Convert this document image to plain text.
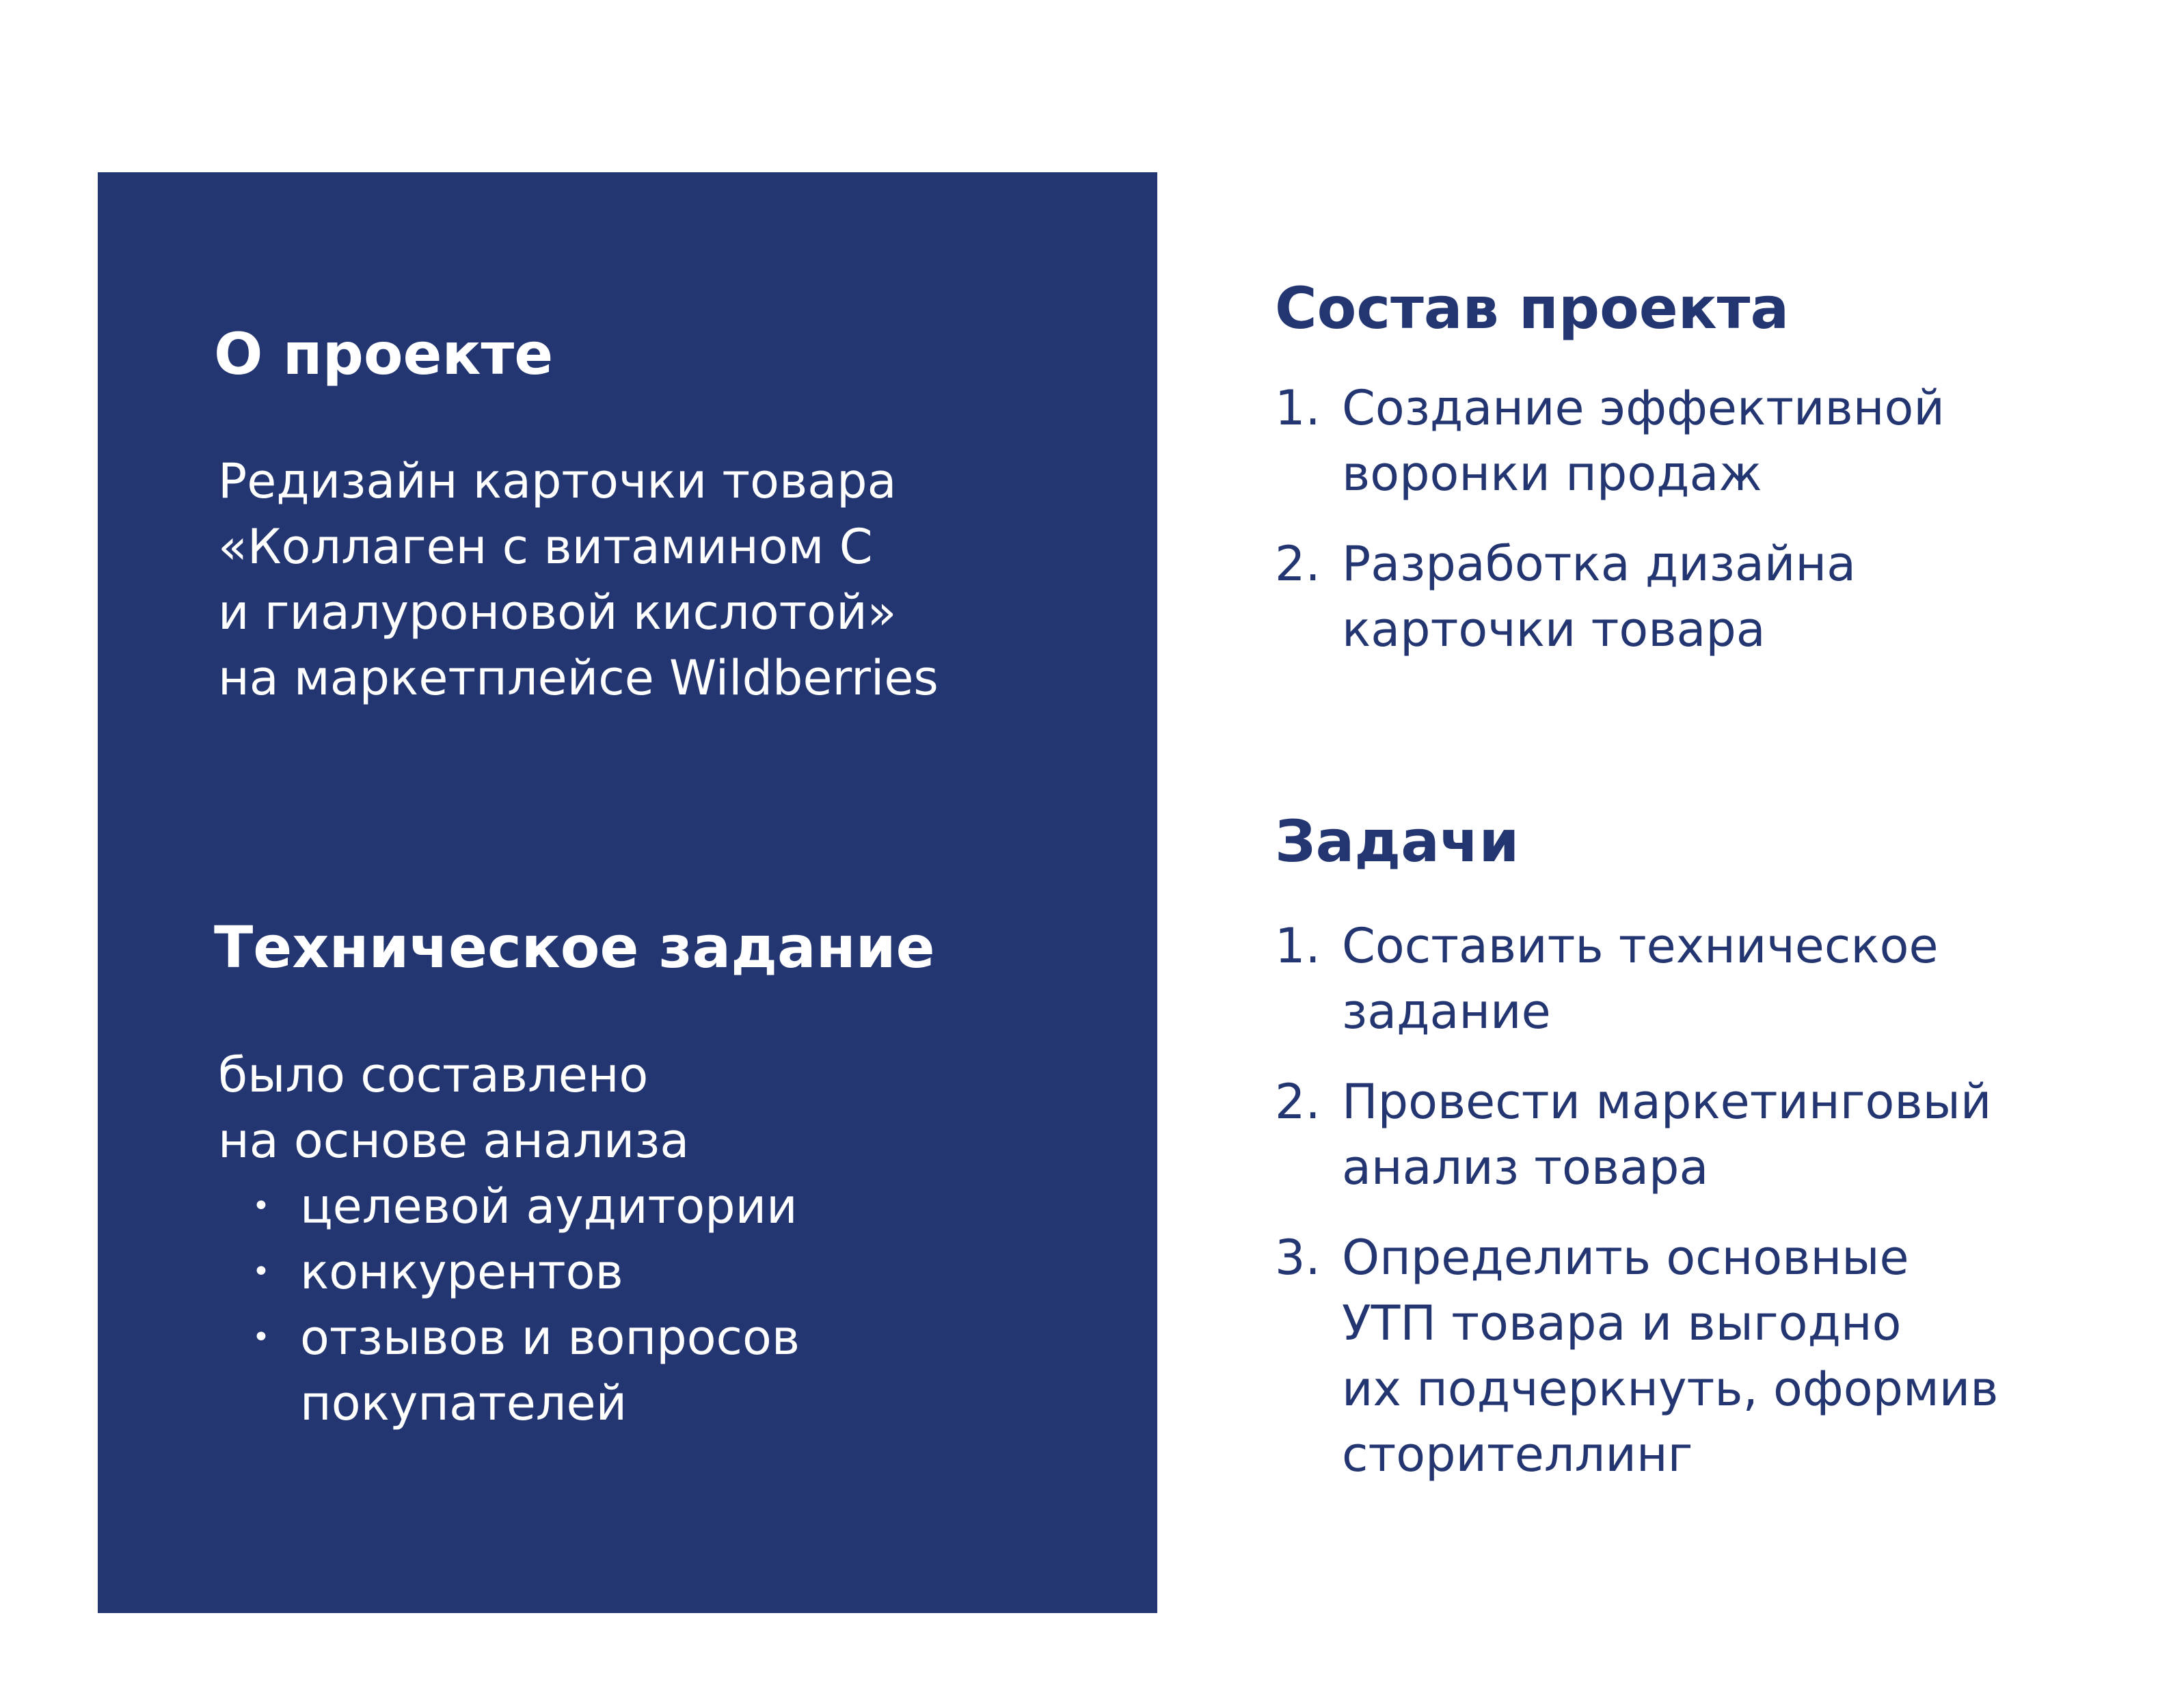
О проекте

Редизайн карточки товара

«Коллаген с витамином С

и гиалуроновой кислотой»

на маркетплейсе Wildberries

Техническое задание

было составлено

на основе анализа

• целевой аудитории
• конкурентов
• отзывов и вопросов
покупателей
Состав проекта
1. Создание эффективной
воронки продаж
2. Разработка дизайна
карточки товара
Задачи
1. Составить техническое
задание
2. Провести маркетинговый
анализ товара
3. Определить основные
УТП товара и выгодно
их подчеркнуть, оформив
сторителлинг
